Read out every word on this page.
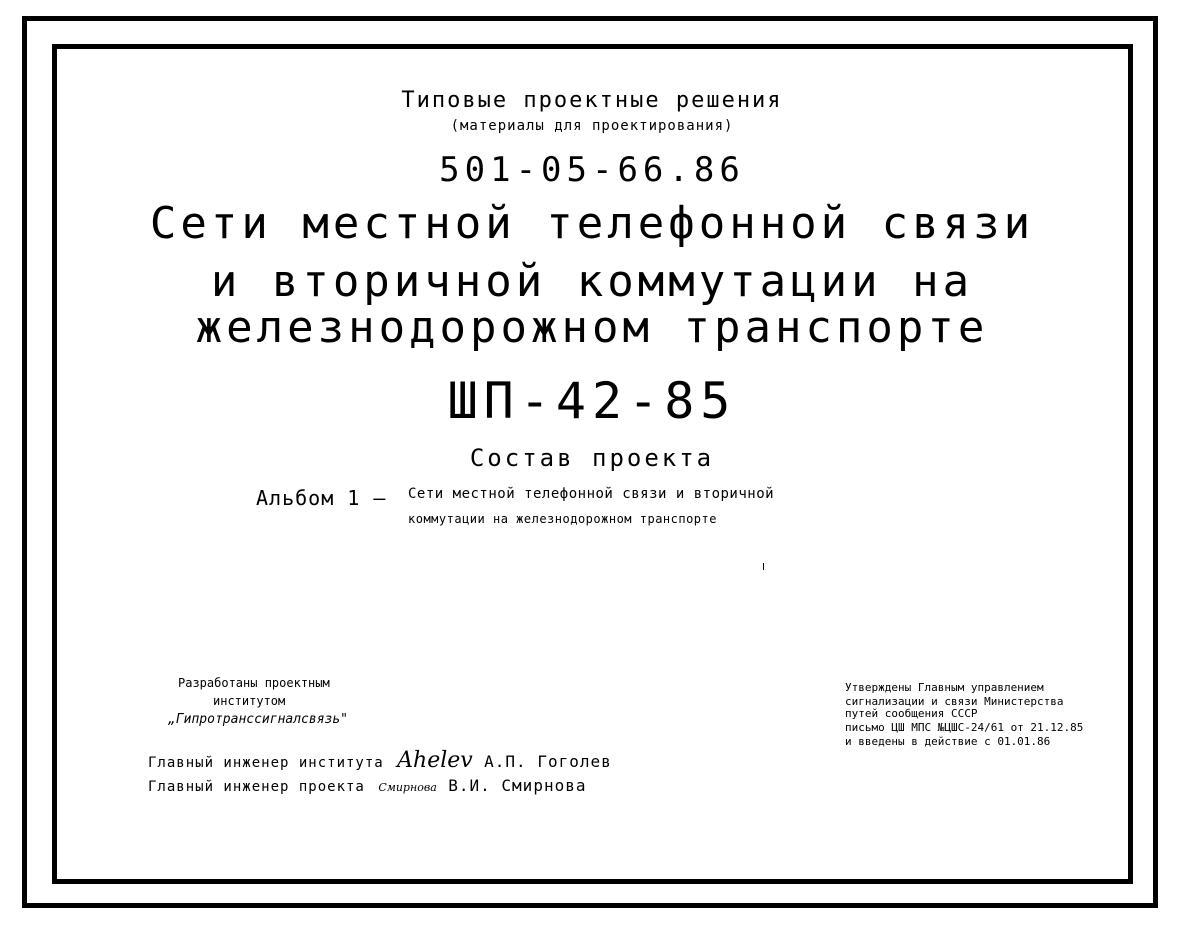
Типовые проектные решения
(материалы для проектирования)
501-05-66.86
Сети местной телефонной связи
и вторичной коммутации на
железнодорожном транспорте
ШП-42-85
Состав проекта
Альбом 1 – Сети местной телефонной связи и вторичной
коммутации на железнодорожном транспорте
Разработаны проектным
институтом
„Гипротранссигналсвязь"
Главный инженер института Ahelev А.П. Гоголев
Главный инженер проекта Смирнова В.И. Смирнова
Утверждены Главным управлением
сигнализации и связи Министерства
путей сообщения СССР
письмо ЦШ МПС №ЦШС-24/61 от 21.12.85
и введены в действие с 01.01.86
